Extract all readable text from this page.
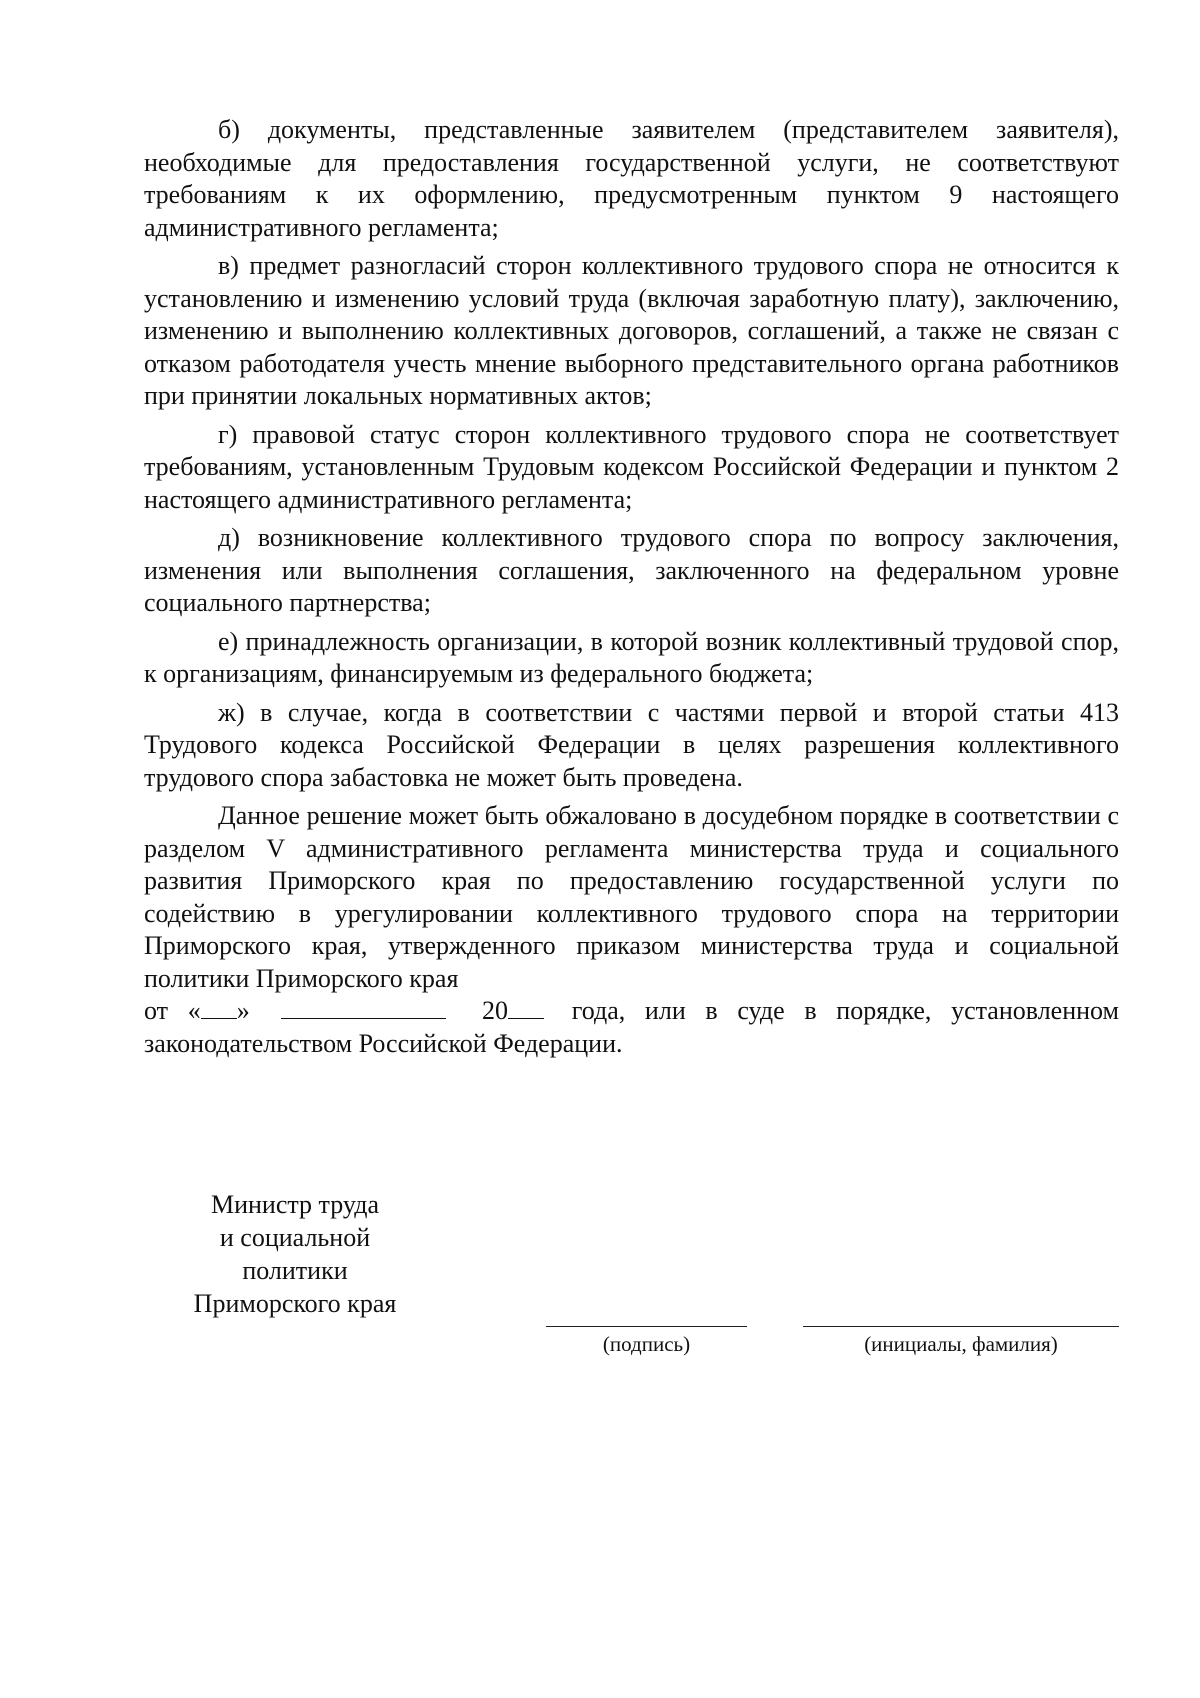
б) документы, представленные заявителем (представителем заявителя), необходимые для предоставления государственной услуги, не соответствуют требованиям к их оформлению, предусмотренным пунктом 9 настоящего административного регламента;

в) предмет разногласий сторон коллективного трудового спора не относится к установлению и изменению условий труда (включая заработную плату), заключению, изменению и выполнению коллективных договоров, соглашений, а также не связан с отказом работодателя учесть мнение выборного представительного органа работников при принятии локальных нормативных актов;

г) правовой статус сторон коллективного трудового спора не соответствует требованиям, установленным Трудовым кодексом Российской Федерации и пунктом 2 настоящего административного регламента;

д) возникновение коллективного трудового спора по вопросу заключения, изменения или выполнения соглашения, заключенного на федеральном уровне социального партнерства;

е) принадлежность организации, в которой возник коллективный трудовой спор, к организациям, финансируемым из федерального бюджета;

ж) в случае, когда в соответствии с частями первой и второй статьи 413 Трудового кодекса Российской Федерации в целях разрешения коллективного трудового спора забастовка не может быть проведена.

Данное решение может быть обжаловано в досудебном порядке в соответствии с разделом V административного регламента министерства труда и социального развития Приморского края по предоставлению государственной услуги по содействию в урегулировании коллективного трудового спора на территории Приморского края, утвержденного приказом министерства труда и социальной политики Приморского края

от « »	20 года, или в суде в порядке, установленном законодательством Российской Федерации.

Министр труда
и социальной
политики
Приморского края
(подпись)	(инициалы, фамилия)
